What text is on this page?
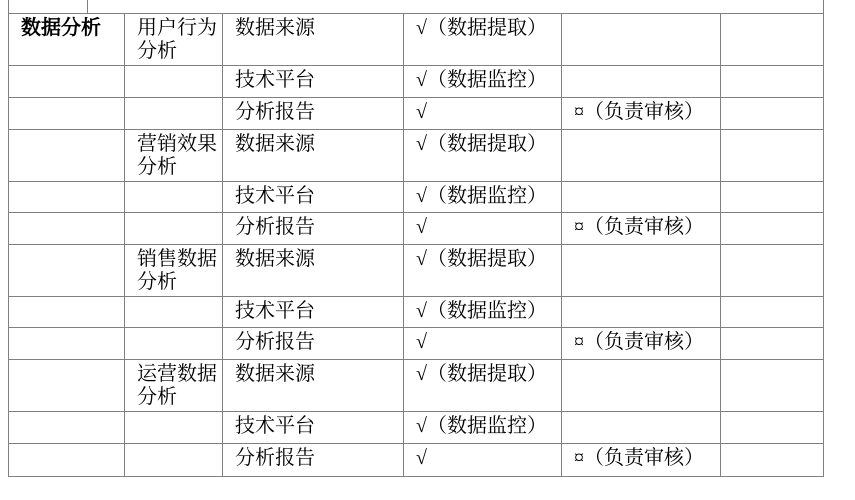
数据分析	用户行为分析	数据来源	√（数据提取）		
		技术平台	√（数据监控）		
		分析报告	√	¤（负责审核）	
	营销效果分析	数据来源	√（数据提取）		
		技术平台	√（数据监控）		
		分析报告	√	¤（负责审核）	
	销售数据分析	数据来源	√（数据提取）		
		技术平台	√（数据监控）		
		分析报告	√	¤（负责审核）	
	运营数据分析	数据来源	√（数据提取）		
		技术平台	√（数据监控）		
		分析报告	√	¤（负责审核）	
